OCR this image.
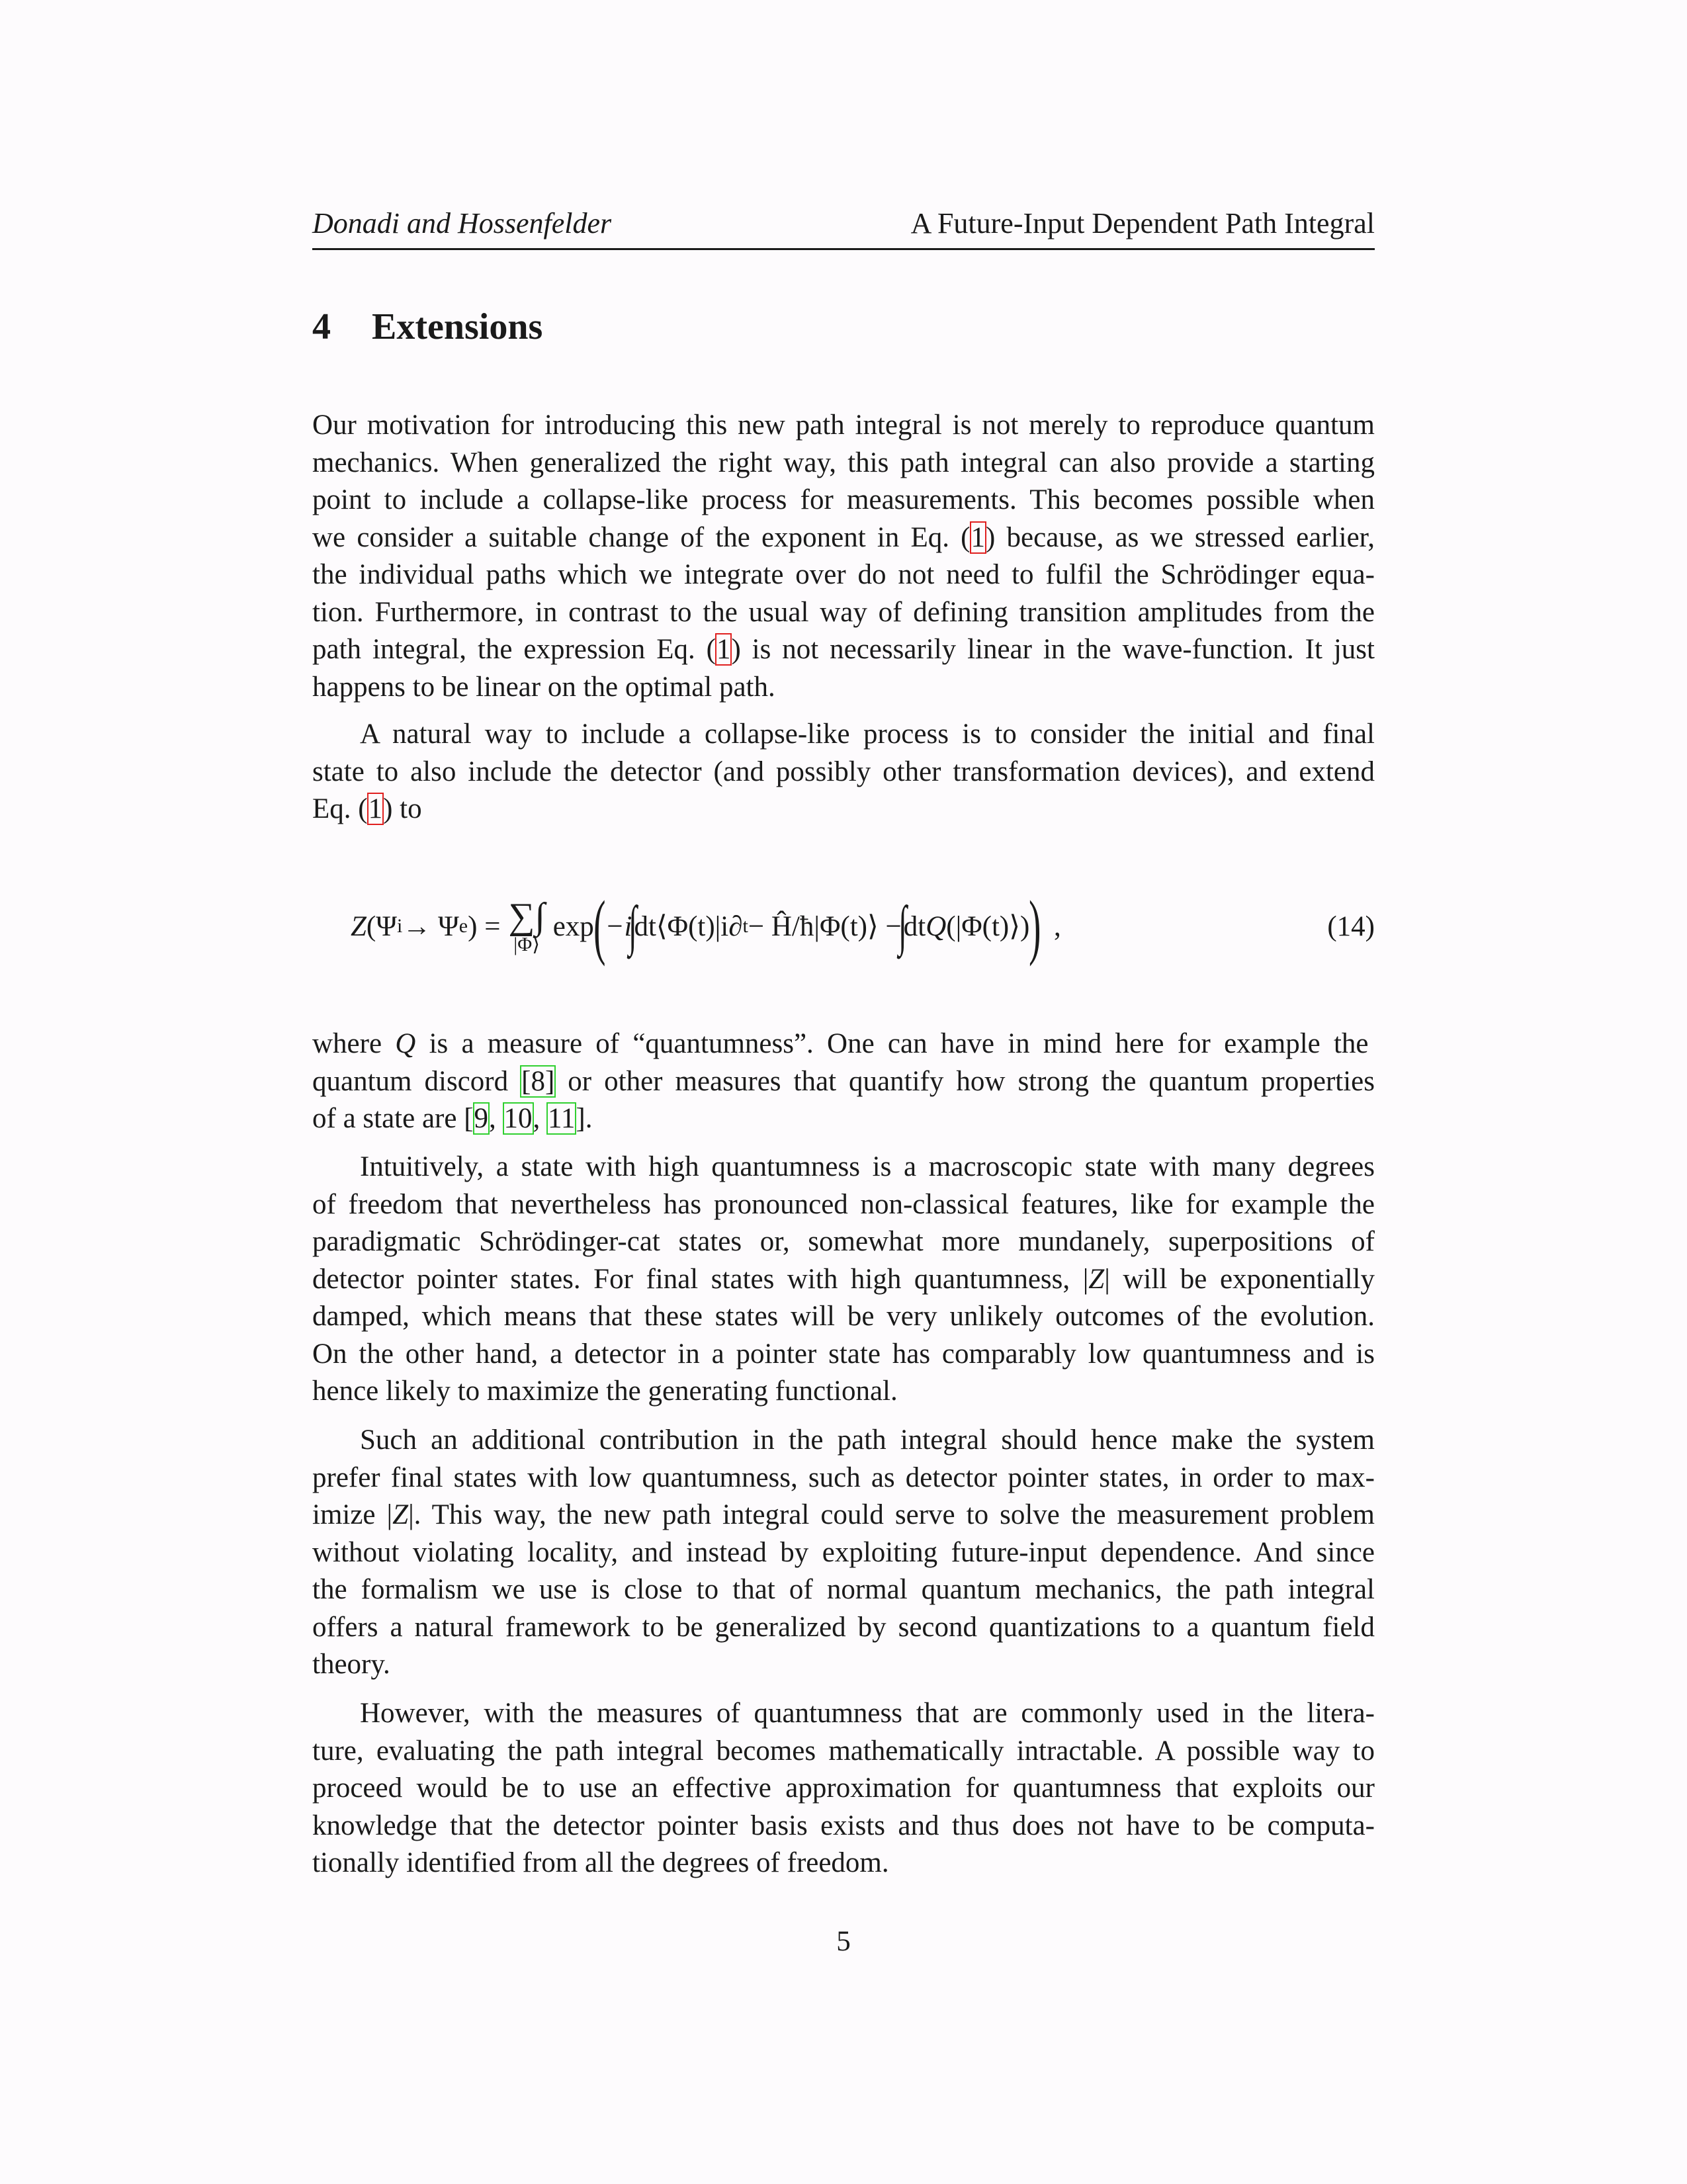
Donadi and Hossenfelder	A Future-Input Dependent Path Integral
4 Extensions
Our motivation for introducing this new path integral is not merely to reproduce quantum
mechanics. When generalized the right way, this path integral can also provide a starting
point to include a collapse-like process for measurements. This becomes possible when
we consider a suitable change of the exponent in Eq. (1) because, as we stressed earlier,
the individual paths which we integrate over do not need to fulfil the Schrödinger equa-
tion. Furthermore, in contrast to the usual way of defining transition amplitudes from the
path integral, the expression Eq. (1) is not necessarily linear in the wave-function. It just
happens to be linear on the optimal path.
A natural way to include a collapse-like process is to consider the initial and final
state to also include the detector (and possibly other transformation devices), and extend
Eq. (1) to
where Q is a measure of “quantumness”. One can have in mind here for example the
quantum discord [8] or other measures that quantify how strong the quantum properties
of a state are [9, 10, 11].
Intuitively, a state with high quantumness is a macroscopic state with many degrees
of freedom that nevertheless has pronounced non-classical features, like for example the
paradigmatic Schrödinger-cat states or, somewhat more mundanely, superpositions of
detector pointer states. For final states with high quantumness, |Z| will be exponentially
damped, which means that these states will be very unlikely outcomes of the evolution.
On the other hand, a detector in a pointer state has comparably low quantumness and is
hence likely to maximize the generating functional.
Such an additional contribution in the path integral should hence make the system
prefer final states with low quantumness, such as detector pointer states, in order to max-
imize |Z|. This way, the new path integral could serve to solve the measurement problem
without violating locality, and instead by exploiting future-input dependence. And since
the formalism we use is close to that of normal quantum mechanics, the path integral
offers a natural framework to be generalized by second quantizations to a quantum field
theory.
However, with the measures of quantumness that are commonly used in the litera-
ture, evaluating the path integral becomes mathematically intractable. A possible way to
proceed would be to use an effective approximation for quantumness that exploits our
knowledge that the detector pointer basis exists and thus does not have to be computa-
tionally identified from all the degrees of freedom.
Z (Ψ i → Ψ e ) = ∑∫
|Φ⟩
exp ( −i
∫
dt ⟨Φ(t)|i∂ t − Ĥ/ħ|Φ(t)⟩ −
∫
dt Q (|Φ(t)⟩) ) ,	(14)
5
